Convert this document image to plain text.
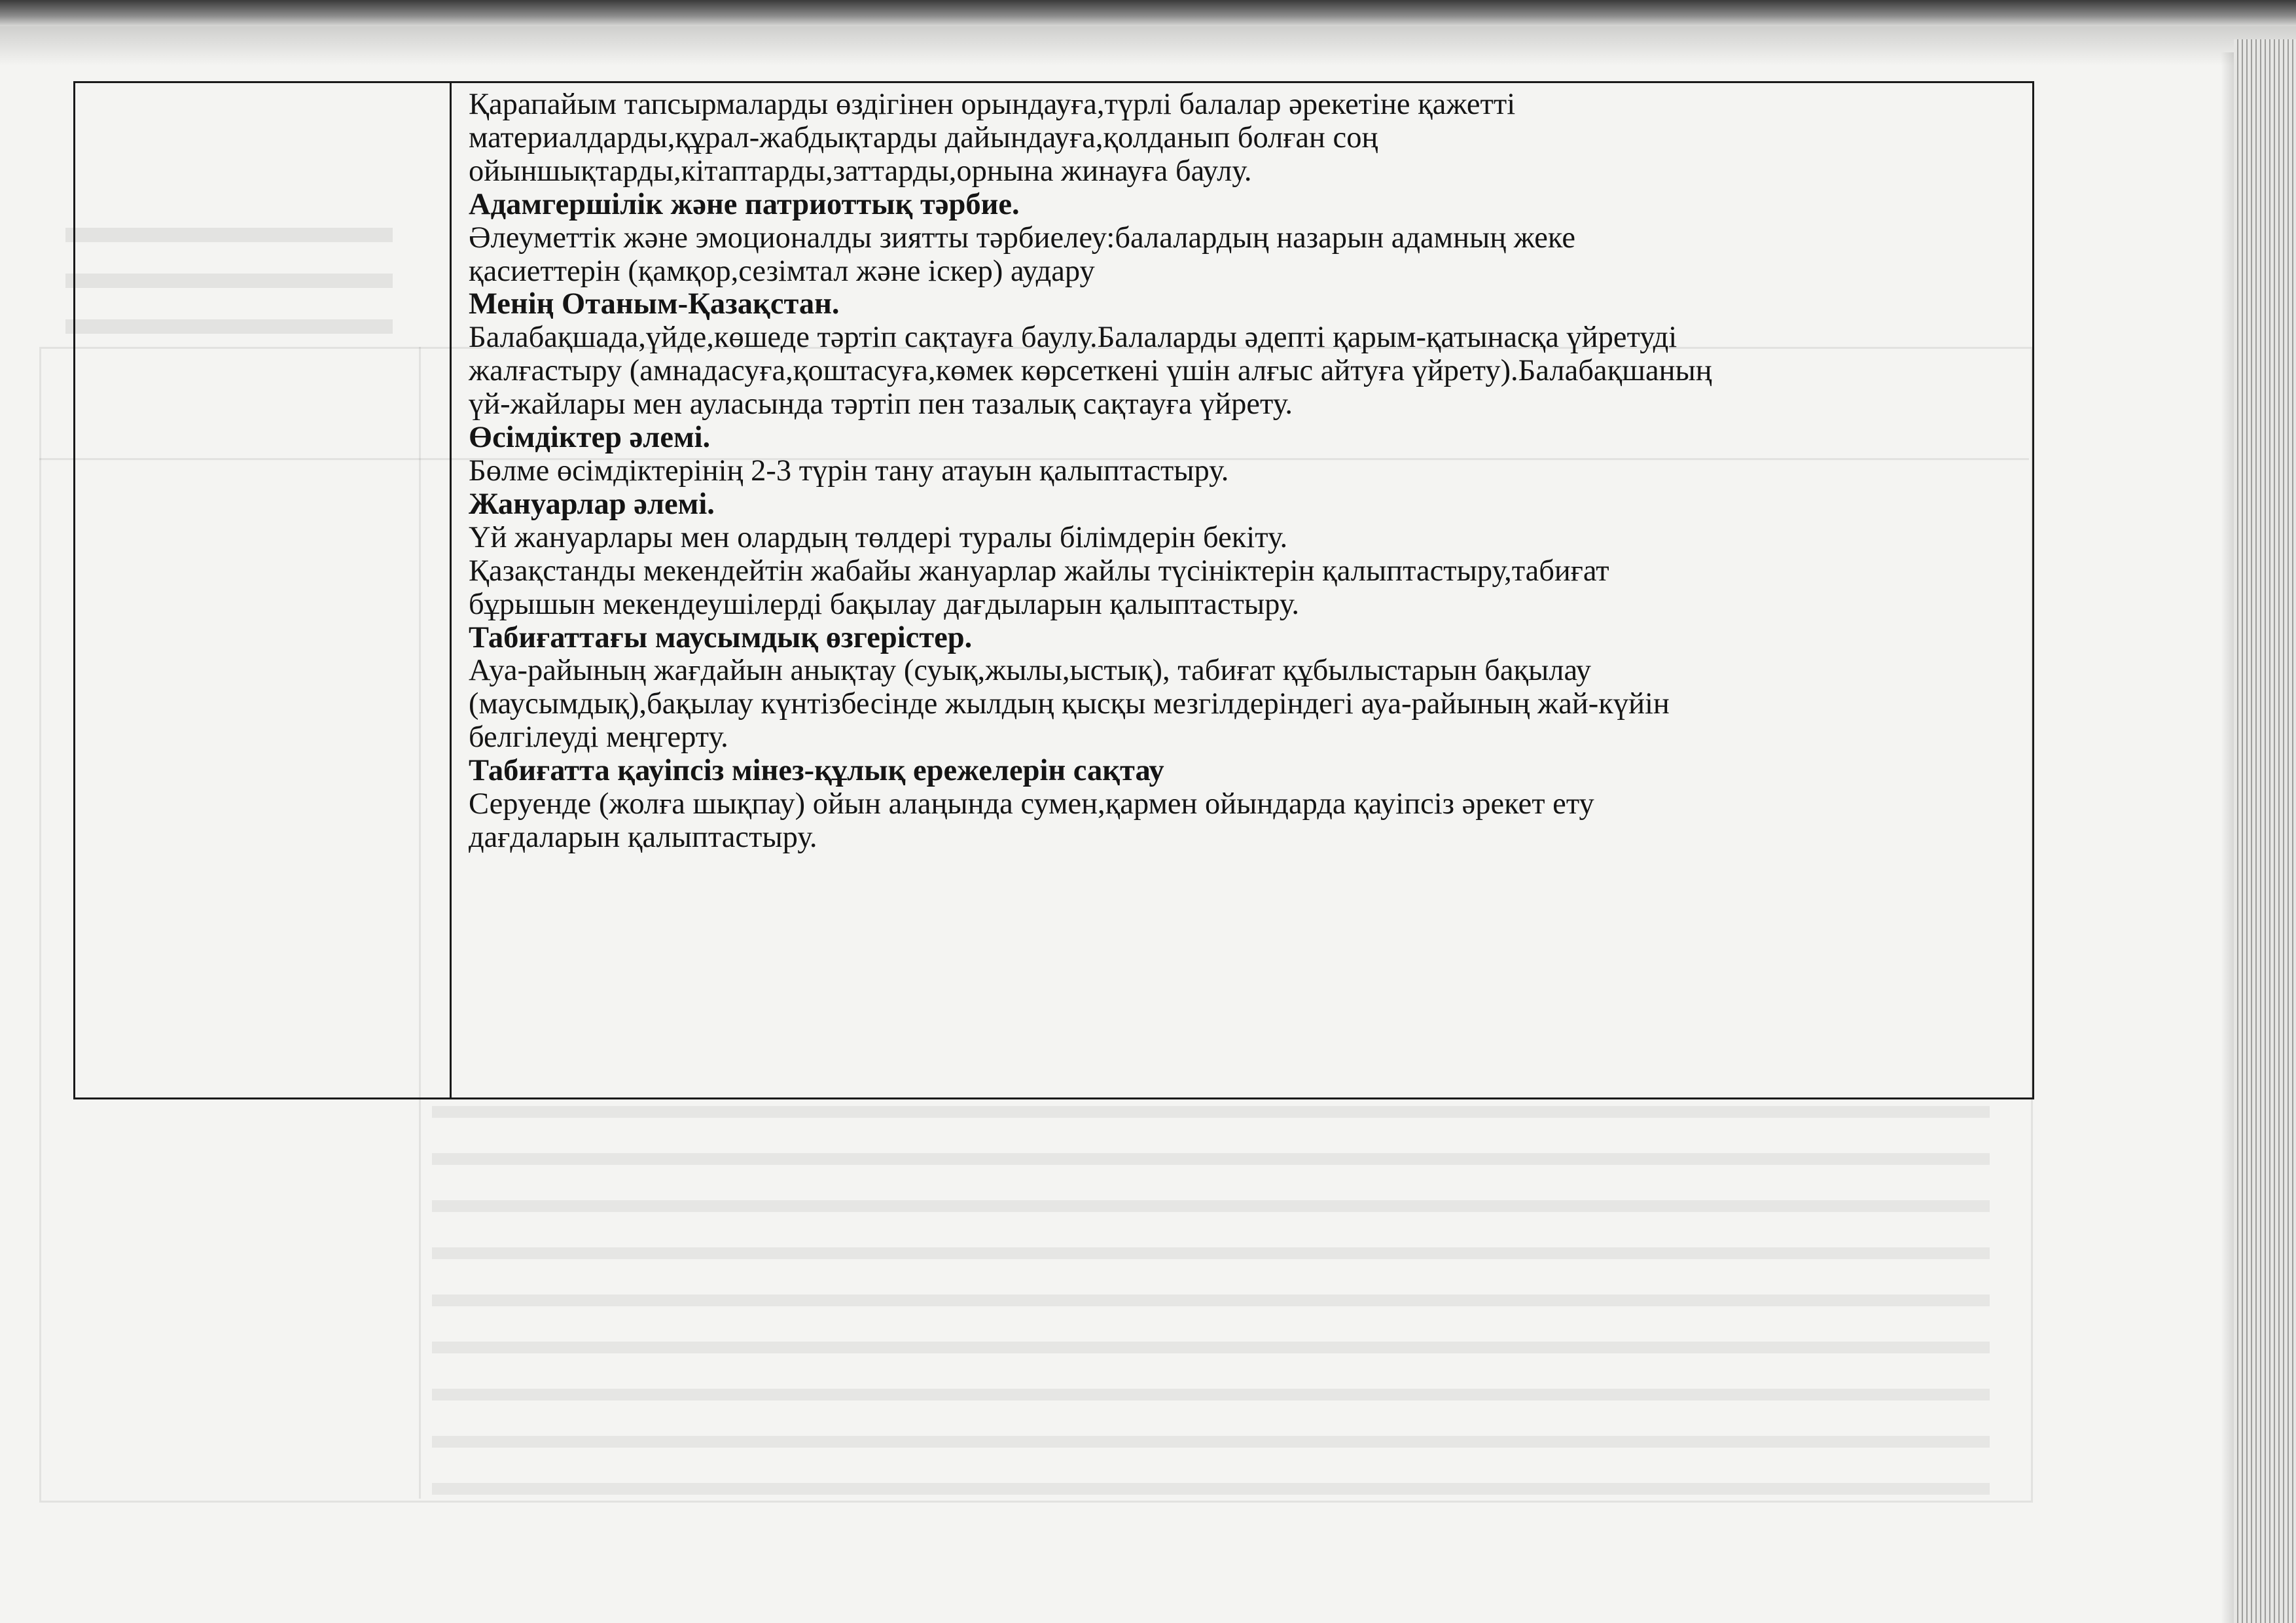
Қарапайым тапсырмаларды өздігінен орындауға,түрлі балалар әрекетіне қажетті
материалдарды,құрал-жабдықтарды дайындауға,қолданып болған соң
ойыншықтарды,кітаптарды,заттарды,орнына жинауға баулу.
Адамгершілік және патриоттық тәрбие.
Әлеуметтік және эмоционалды зиятты тәрбиелеу:балалардың назарын адамның жеке
қасиеттерін (қамқор,сезімтал және іскер) аудару
Менің Отаным-Қазақстан.
Балабақшада,үйде,көшеде тәртіп сақтауға баулу.Балаларды әдепті қарым-қатынасқа үйретуді
жалғастыру (амнадасуға,қоштасуға,көмек көрсеткені үшін алғыс айтуға үйрету).Балабақшаның
үй-жайлары мен ауласында тәртіп пен тазалық сақтауға үйрету.
Өсімдіктер әлемі.
Бөлме өсімдіктерінің 2-3 түрін тану атауын қалыптастыру.
Жануарлар әлемі.
Үй жануарлары мен олардың төлдері туралы білімдерін бекіту.
Қазақстанды мекендейтін жабайы жануарлар жайлы түсініктерін қалыптастыру,табиғат
бұрышын мекендеушілерді бақылау дағдыларын қалыптастыру.
Табиғаттағы маусымдық өзгерістер.
Ауа-райының жағдайын анықтау (суық,жылы,ыстық), табиғат құбылыстарын бақылау
(маусымдық),бақылау күнтізбесінде жылдың қысқы мезгілдеріндегі ауа-райының жай-күйін
белгілеуді меңгерту.
Табиғатта қауіпсіз мінез-құлық ережелерін сақтау
Серуенде (жолға шықпау) ойын алаңында сумен,қармен ойындарда қауіпсіз әрекет ету
дағдаларын қалыптастыру.
